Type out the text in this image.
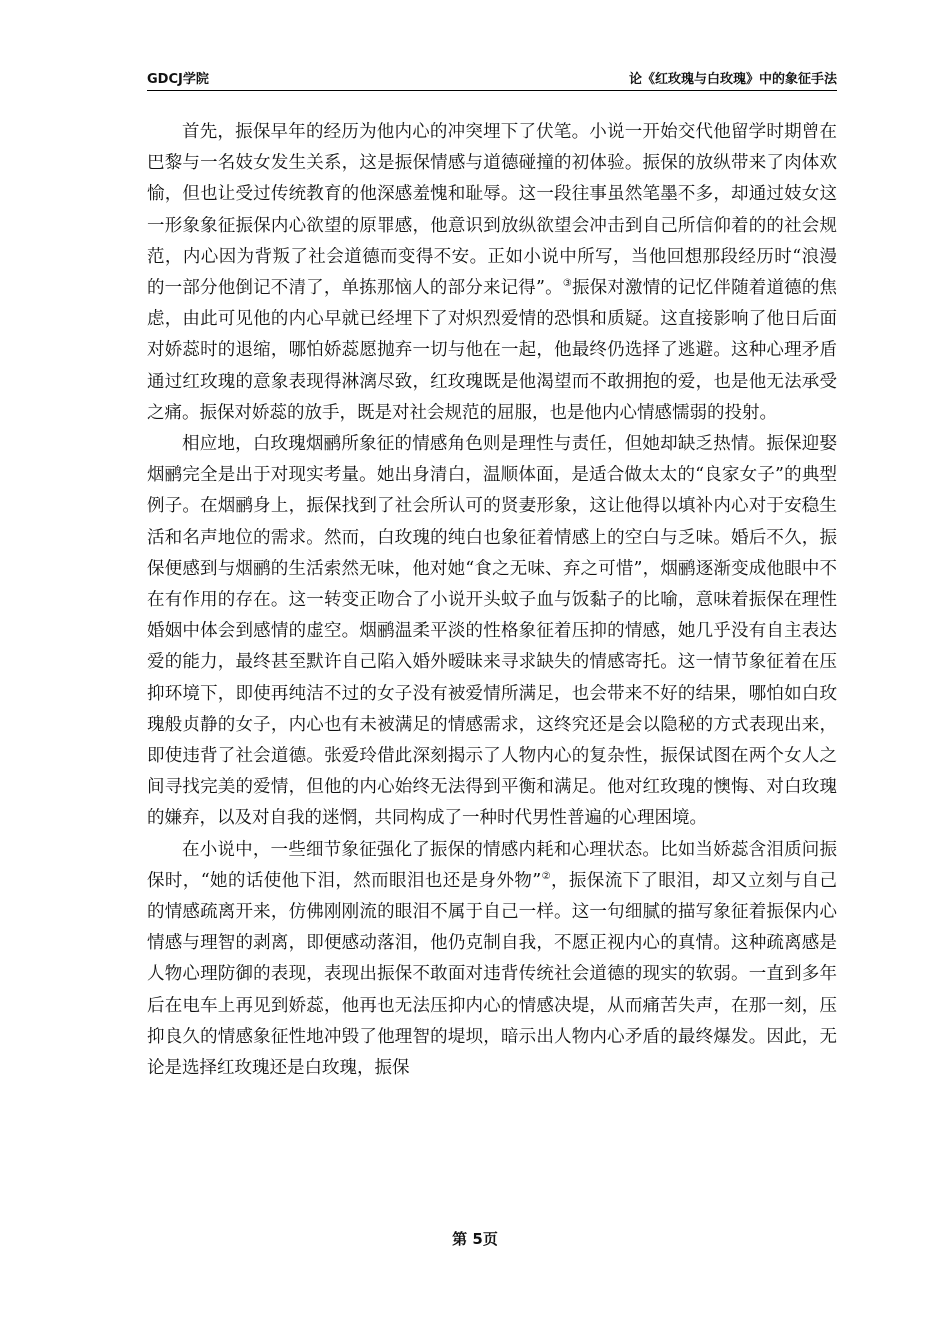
GDCJ学院	论《红玫瑰与白玫瑰》中的象征手法

首先，振保早年的经历为他内心的冲突埋下了伏笔。小说一开始交代他留学时期曾在巴黎与一名妓女发生关系，这是振保情感与道德碰撞的初体验。振保的放纵带来了肉体欢愉，但也让受过传统教育的他深感羞愧和耻辱。这一段往事虽然笔墨不多，却通过妓女这一形象象征振保内心欲望的原罪感，他意识到放纵欲望会冲击到自己所信仰着的的社会规范，内心因为背叛了社会道德而变得不安。正如小说中所写，当他回想那段经历时“浪漫的一部分他倒记不清了，单拣那恼人的部分来记得”。③振保对激情的记忆伴随着道德的焦虑，由此可见他的内心早就已经埋下了对炽烈爱情的恐惧和质疑。这直接影响了他日后面对娇蕊时的退缩，哪怕娇蕊愿抛弃一切与他在一起，他最终仍选择了逃避。这种心理矛盾通过红玫瑰的意象表现得淋漓尽致，红玫瑰既是他渴望而不敢拥抱的爱，也是他无法承受之痛。振保对娇蕊的放手，既是对社会规范的屈服，也是他内心情感懦弱的投射。

相应地，白玫瑰烟鹂所象征的情感角色则是理性与责任，但她却缺乏热情。振保迎娶烟鹂完全是出于对现实考量。她出身清白，温顺体面，是适合做太太的“良家女子”的典型例子。在烟鹂身上，振保找到了社会所认可的贤妻形象，这让他得以填补内心对于安稳生活和名声地位的需求。然而，白玫瑰的纯白也象征着情感上的空白与乏味。婚后不久，振保便感到与烟鹂的生活索然无味，他对她“食之无味、弃之可惜”，烟鹂逐渐变成他眼中不在有作用的存在。这一转变正吻合了小说开头蚊子血与饭黏子的比喻，意味着振保在理性婚姻中体会到感情的虚空。烟鹂温柔平淡的性格象征着压抑的情感，她几乎没有自主表达爱的能力，最终甚至默许自己陷入婚外暧昧来寻求缺失的情感寄托。这一情节象征着在压抑环境下，即使再纯洁不过的女子没有被爱情所满足，也会带来不好的结果，哪怕如白玫瑰般贞静的女子，内心也有未被满足的情感需求，这终究还是会以隐秘的方式表现出来，即使违背了社会道德。张爱玲借此深刻揭示了人物内心的复杂性，振保试图在两个女人之间寻找完美的爱情，但他的内心始终无法得到平衡和满足。他对红玫瑰的懊悔、对白玫瑰的嫌弃，以及对自我的迷惘，共同构成了一种时代男性普遍的心理困境。

在小说中，一些细节象征强化了振保的情感内耗和心理状态。比如当娇蕊含泪质问振保时，“她的话使他下泪，然而眼泪也还是身外物”②，振保流下了眼泪，却又立刻与自己的情感疏离开来，仿佛刚刚流的眼泪不属于自己一样。这一句细腻的描写象征着振保内心情感与理智的剥离，即便感动落泪，他仍克制自我，不愿正视内心的真情。这种疏离感是人物心理防御的表现，表现出振保不敢面对违背传统社会道德的现实的软弱。一直到多年后在电车上再见到娇蕊，他再也无法压抑内心的情感决堤，从而痛苦失声，在那一刻，压抑良久的情感象征性地冲毁了他理智的堤坝，暗示出人物内心矛盾的最终爆发。因此，无论是选择红玫瑰还是白玫瑰，振保

第 5页
